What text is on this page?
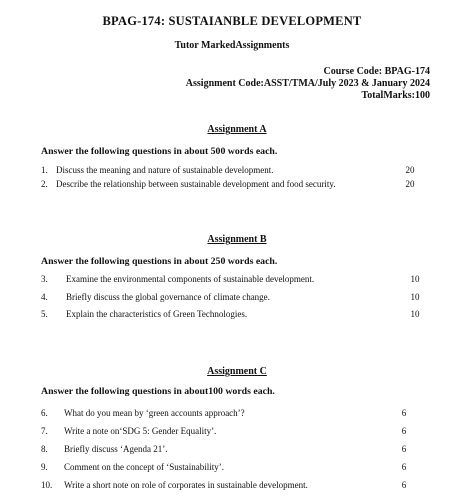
BPAG-174: SUSTAIANBLE DEVELOPMENT
Tutor MarkedAssignments
Course Code: BPAG-174
Assignment Code:ASST/TMA/July 2023 & January 2024
TotalMarks:100
Assignment A
Answer the following questions in about 500 words each.
1. Discuss the meaning and nature of sustainable development.	20
2. Describe the relationship between sustainable development and food security.	20
Assignment B
Answer the following questions in about 250 words each.
3. Examine the environmental components of sustainable development.	10
4. Briefly discuss the global governance of climate change.	10
5. Explain the characteristics of Green Technologies.	10
Assignment C
Answer the following questions in about100 words each.
6. What do you mean by ‘green accounts approach’?	6
7. Write a note on‘SDG 5: Gender Equality’.	6
8. Briefly discuss ‘Agenda 21’.	6
9. Comment on the concept of ‘Sustainability’.	6
10. Write a short note on role of corporates in sustainable development.	6
